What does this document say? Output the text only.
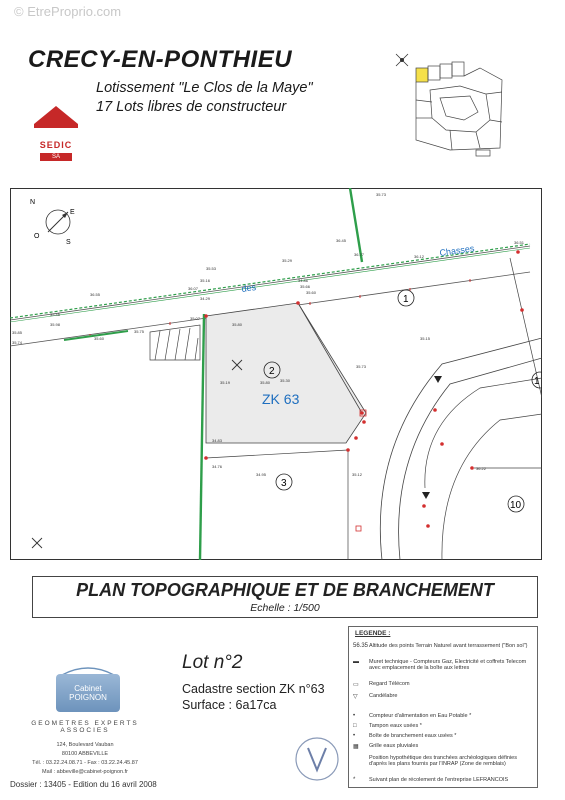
© EtreProprio.com
CRECY-EN-PONTHIEU
Lotissement "Le Clos de la Maye"
17 Lots libres de constructeur
SEDIC
SA
N
E
S
O
des
Chasses
1
2
3
10
1
ZK 63
35.73
36.45
36.77
35.29
35.53
36.55
35.16
35.80
34.29
35.45
35.74
35.98
35.07
35.60
35.75
35.85
34.86
35.66
36.07
35.80
35.60
35.19	35.30
35.73
35.15
35.12
34.83
34.76
34.95
36.51
36.12
36.22
PLAN TOPOGRAPHIQUE ET DE BRANCHEMENT
Echelle : 1/500
Lot n°2
Cadastre section ZK n°63
Surface : 6a17ca
Cabinet POIGNON
GEOMETRES EXPERTS ASSOCIES
124, Boulevard Vauban
80100 ABBEVILLE
Tél. : 03.22.24.08.71 - Fax : 03.22.24.45.87
Mail : abbeville@cabinet-poignon.fr
Dossier : 13405 - Edition du 16 avril 2008
LEGENDE :
56.35 Altitude des points Terrain Naturel avant terrassement ("Bon sol")
▬	Muret technique - Compteurs Gaz, Electricité et coffrets Telecom avec emplacement de la boîte aux lettres
▭	Regard Télécom
▽	Candélabre
•	Compteur d'alimentation en Eau Potable *
□	Tampon eaux usées *
•	Boîte de branchement eaux usées *
▦	Grille eaux pluviales
Position hypothétique des tranchées archéologiques définies d'après les plans fournis par l'INRAP (Zone de remblais)
*	Suivant plan de récolement de l'entreprise LEFRANCOIS
